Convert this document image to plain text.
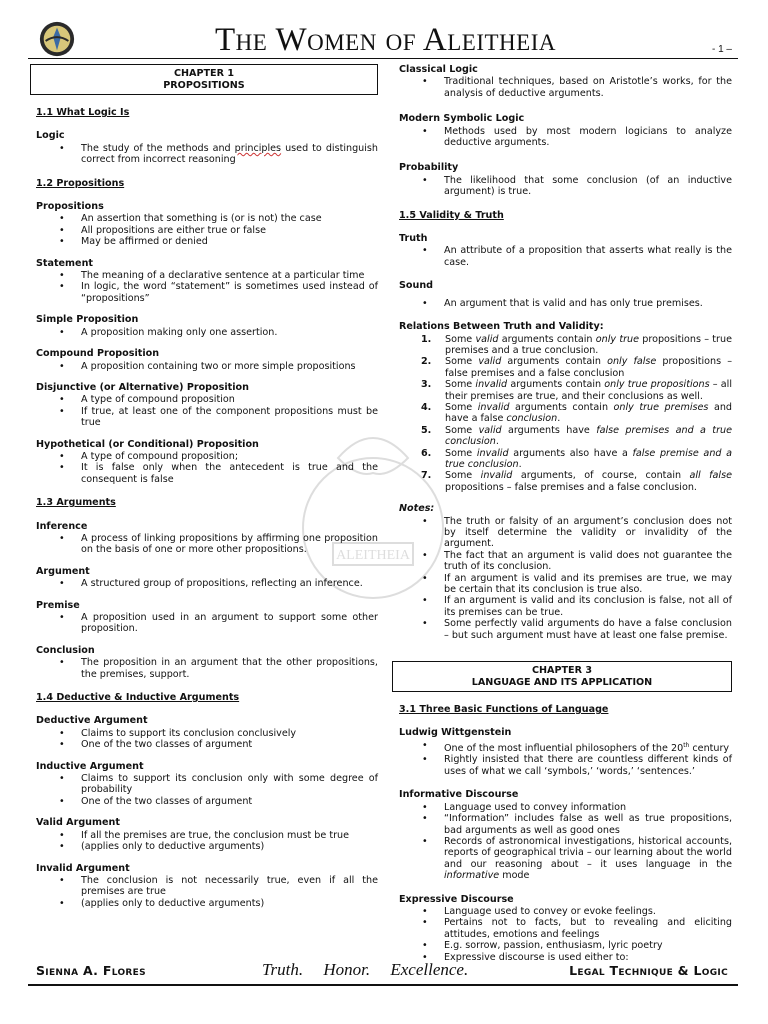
The Women of Aleitheia	- 1 –
ALEITHEIA
CHAPTER 1
PROPOSITIONS
1.1 What Logic Is
Logic
• The study of the methods and principles used to distinguish correct from incorrect reasoning
1.2 Propositions
Propositions
• An assertion that something is (or is not) the case
• All propositions are either true or false
• May be affirmed or denied
Statement
• The meaning of a declarative sentence at a particular time
• In logic, the word “statement” is sometimes used instead of “propositions”
Simple Proposition
• A proposition making only one assertion.
Compound Proposition
• A proposition containing two or more simple propositions
Disjunctive (or Alternative) Proposition
• A type of compound proposition
• If true, at least one of the component propositions must be true
Hypothetical (or Conditional) Proposition
• A type of compound proposition;
• It is false only when the antecedent is true and the consequent is false
1.3 Arguments
Inference
• A process of linking propositions by affirming one proposition on the basis of one or more other propositions.
Argument
• A structured group of propositions, reflecting an inference.
Premise
• A proposition used in an argument to support some other proposition.
Conclusion
• The proposition in an argument that the other propositions, the premises, support.
1.4 Deductive & Inductive Arguments
Deductive Argument
• Claims to support its conclusion conclusively
• One of the two classes of argument
Inductive Argument
• Claims to support its conclusion only with some degree of probability
• One of the two classes of argument
Valid Argument
• If all the premises are true, the conclusion must be true
• (applies only to deductive arguments)
Invalid Argument
• The conclusion is not necessarily true, even if all the premises are true
• (applies only to deductive arguments)
Classical Logic
• Traditional techniques, based on Aristotle’s works, for the analysis of deductive arguments.
Modern Symbolic Logic
• Methods used by most modern logicians to analyze deductive arguments.
Probability
• The likelihood that some conclusion (of an inductive argument) is true.
1.5 Validity & Truth
Truth
• An attribute of a proposition that asserts what really is the case.
Sound
• An argument that is valid and has only true premises.
Relations Between Truth and Validity:
1. Some valid arguments contain only true propositions – true premises and a true conclusion.
2. Some valid arguments contain only false propositions – false premises and a false conclusion
3. Some invalid arguments contain only true propositions – all their premises are true, and their conclusions as well.
4. Some invalid arguments contain only true premises and have a false conclusion.
5. Some valid arguments have false premises and a true conclusion.
6. Some invalid arguments also have a false premise and a true conclusion.
7. Some invalid arguments, of course, contain all false propositions – false premises and a false conclusion.
Notes:
• The truth or falsity of an argument’s conclusion does not by itself determine the validity or invalidity of the argument.
• The fact that an argument is valid does not guarantee the truth of its conclusion.
• If an argument is valid and its premises are true, we may be certain that its conclusion is true also.
• If an argument is valid and its conclusion is false, not all of its premises can be true.
• Some perfectly valid arguments do have a false conclusion – but such argument must have at least one false premise.
CHAPTER 3
LANGUAGE AND ITS APPLICATION
3.1 Three Basic Functions of Language
Ludwig Wittgenstein
• One of the most influential philosophers of the 20th century
• Rightly insisted that there are countless different kinds of uses of what we call ‘symbols,’ ‘words,’ ‘sentences.’
Informative Discourse
• Language used to convey information
• “Information” includes false as well as true propositions, bad arguments as well as good ones
• Records of astronomical investigations, historical accounts, reports of geographical trivia – our learning about the world and our reasoning about – it uses language in the informative mode
Expressive Discourse
• Language used to convey or evoke feelings.
• Pertains not to facts, but to revealing and eliciting attitudes, emotions and feelings
• E.g. sorrow, passion, enthusiasm, lyric poetry
• Expressive discourse is used either to:
Sienna A. Flores	Truth. Honor. Excellence.	Legal Technique & Logic
